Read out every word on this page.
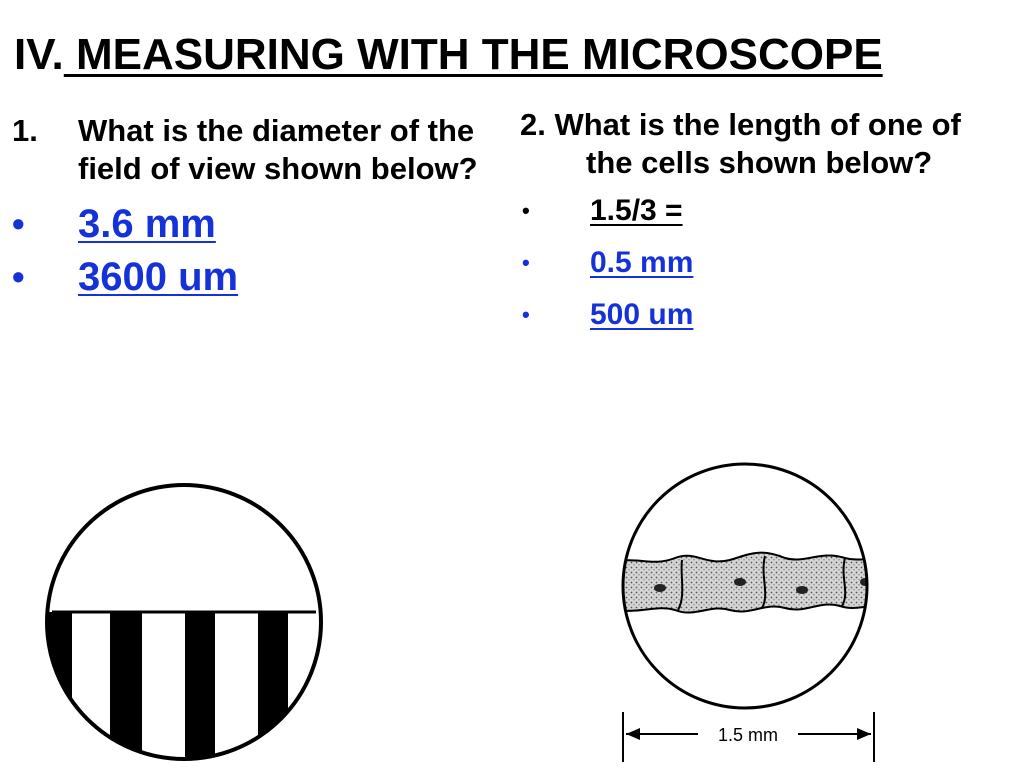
IV. MEASURING WITH THE MICROSCOPE
1.	What is the diameter of the field of view shown below?
•	3.6 mm
•	3600 um
2. What is the length of one of the cells shown below?
•	1.5/3 =
•	0.5 mm
•	500 um
1.5 mm
